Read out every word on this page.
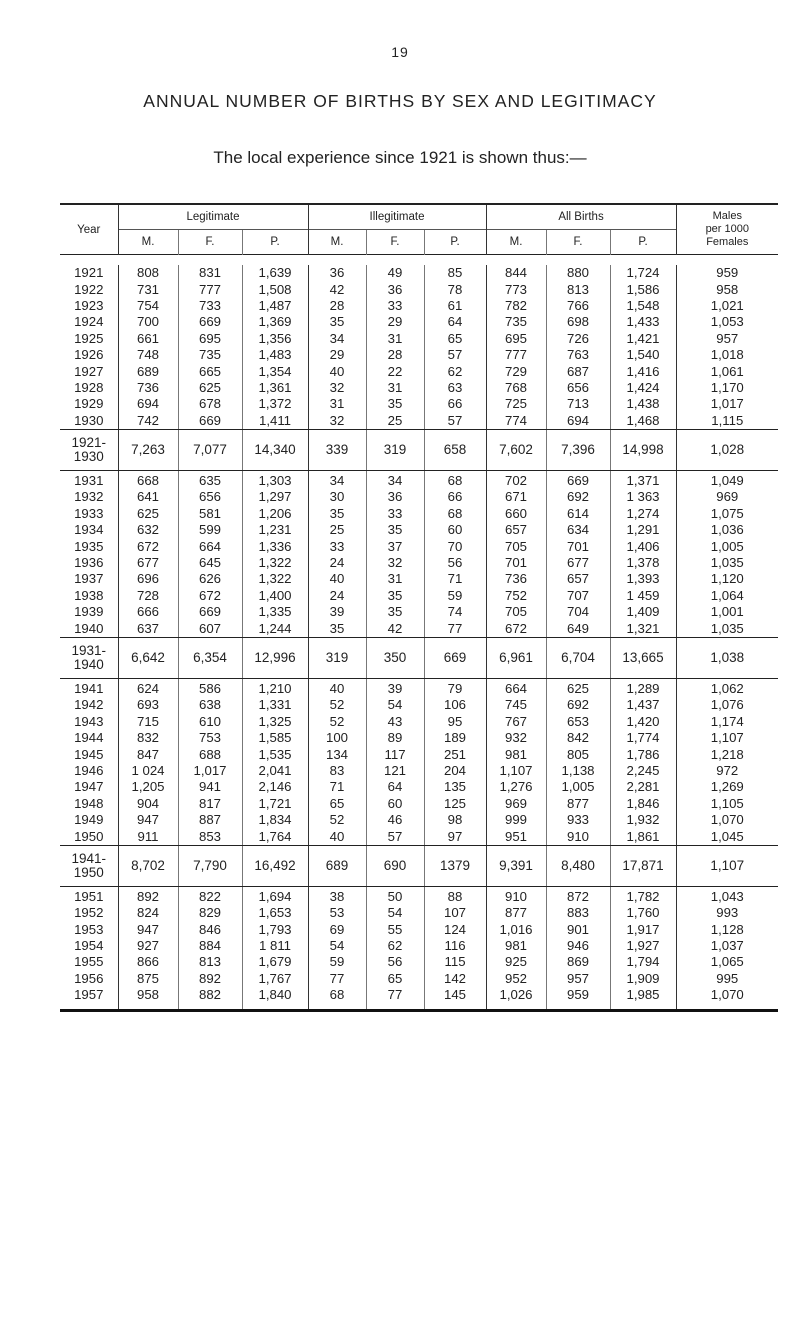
19
ANNUAL NUMBER OF BIRTHS BY SEX AND LEGITIMACY

The local experience since 1921 is shown thus:—

Year	Legitimate			Illegitimate			All Births			Males
per 1000
Females

	M.	F.	P.	M.	F.	P.	M.	F.	P.	

1921	808	831	1,639	36	49	85	844	880	1,724	959
1922	731	777	1,508	42	36	78	773	813	1,586	958
1923	754	733	1,487	28	33	61	782	766	1,548	1,021
1924	700	669	1,369	35	29	64	735	698	1,433	1,053
1925	661	695	1,356	34	31	65	695	726	1,421	957
1926	748	735	1,483	29	28	57	777	763	1,540	1,018
1927	689	665	1,354	40	22	62	729	687	1,416	1,061
1928	736	625	1,361	32	31	63	768	656	1,424	1,170
1929	694	678	1,372	31	35	66	725	713	1,438	1,017
1930	742	669	1,411	32	25	57	774	694	1,468	1,115

1921-
1930	7,263	7,077	14,340	339	319	658	7,602	7,396	14,998	1,028
1931	668	635	1,303	34	34	68	702	669	1,371	1,049
1932	641	656	1,297	30	36	66	671	692	1 363	969
1933	625	581	1,206	35	33	68	660	614	1,274	1,075
1934	632	599	1,231	25	35	60	657	634	1,291	1,036
1935	672	664	1,336	33	37	70	705	701	1,406	1,005
1936	677	645	1,322	24	32	56	701	677	1,378	1,035
1937	696	626	1,322	40	31	71	736	657	1,393	1,120
1938	728	672	1,400	24	35	59	752	707	1 459	1,064
1939	666	669	1,335	39	35	74	705	704	1,409	1,001
1940	637	607	1,244	35	42	77	672	649	1,321	1,035

1931-
1940	6,642	6,354	12,996	319	350	669	6,961	6,704	13,665	1,038
1941	624	586	1,210	40	39	79	664	625	1,289	1,062
1942	693	638	1,331	52	54	106	745	692	1,437	1,076
1943	715	610	1,325	52	43	95	767	653	1,420	1,174
1944	832	753	1,585	100	89	189	932	842	1,774	1,107
1945	847	688	1,535	134	117	251	981	805	1,786	1,218
1946	1 024	1,017	2,041	83	121	204	1,107	1,138	2,245	972
1947	1,205	941	2,146	71	64	135	1,276	1,005	2,281	1,269
1948	904	817	1,721	65	60	125	969	877	1,846	1,105
1949	947	887	1,834	52	46	98	999	933	1,932	1,070
1950	911	853	1,764	40	57	97	951	910	1,861	1,045

1941-
1950	8,702	7,790	16,492	689	690	1379	9,391	8,480	17,871	1,107
1951	892	822	1,694	38	50	88	910	872	1,782	1,043
1952	824	829	1,653	53	54	107	877	883	1,760	993
1953	947	846	1,793	69	55	124	1,016	901	1,917	1,128
1954	927	884	1 811	54	62	116	981	946	1,927	1,037
1955	866	813	1,679	59	56	115	925	869	1,794	1,065
1956	875	892	1,767	77	65	142	952	957	1,909	995
1957	958	882	1,840	68	77	145	1,026	959	1,985	1,070
